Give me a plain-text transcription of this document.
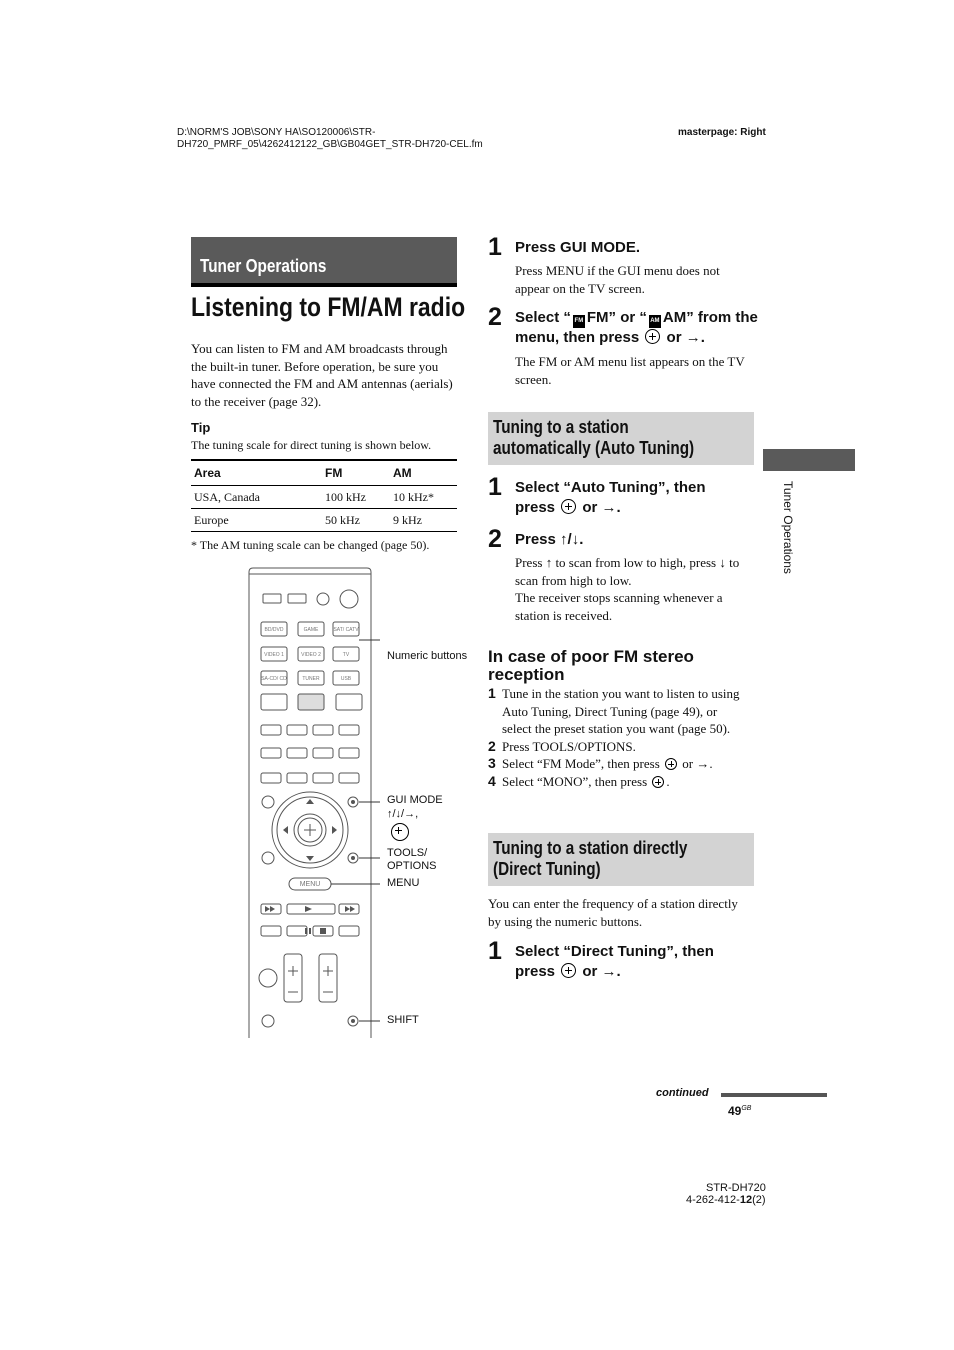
D:\NORM'S JOB\SONY HA\SO120006\STR-DH720_PMRF_05\4262412122_GB\GB04GET_STR-DH720-CEL.fm
masterpage: Right
Tuner Operations
Listening to FM/AM radio
You can listen to FM and AM broadcasts through the built-in tuner. Before operation, be sure you have connected the FM and AM antennas (aerials) to the receiver (page 32).
Tip
The tuning scale for direct tuning is shown below.
Area	FM	AM
USA, Canada	100 kHz	10 kHz*
Europe	50 kHz	9 kHz
* The AM tuning scale can be changed (page 50).
BD/DVD	GAME	SAT/ CATV
VIDEO 1	VIDEO 2	TV
SA-CD/ CD	TUNER	USB
MENU
Numeric buttons
GUI MODE
↑/↓/→,
TOOLS/ OPTIONS
MENU
SHIFT
1 Press GUI MODE.
Press MENU if the GUI menu does not appear on the TV screen.
2 Select “ FM FM” or “ AM AM” from the menu, then press or →.
The FM or AM menu list appears on the TV screen.
Tuning to a station
automatically (Auto Tuning)
1 Select “Auto Tuning”, then
press or →.
2 Press ↑/↓.
Press ↑ to scan from low to high, press ↓ to scan from high to low.
The receiver stops scanning whenever a station is received.
In case of poor FM stereo reception
1 Tune in the station you want to listen to using Auto Tuning, Direct Tuning (page 49), or select the preset station you want (page 50).
2 Press TOOLS/OPTIONS.
3 Select “FM Mode”, then press or →.
4 Select “MONO”, then press .
Tuning to a station directly
(Direct Tuning)
You can enter the frequency of a station directly by using the numeric buttons.
1 Select “Direct Tuning”, then
press or →.
Tuner Operations
continued
$49^{GB}$
STR-DH720
4-262-412-12(2)
